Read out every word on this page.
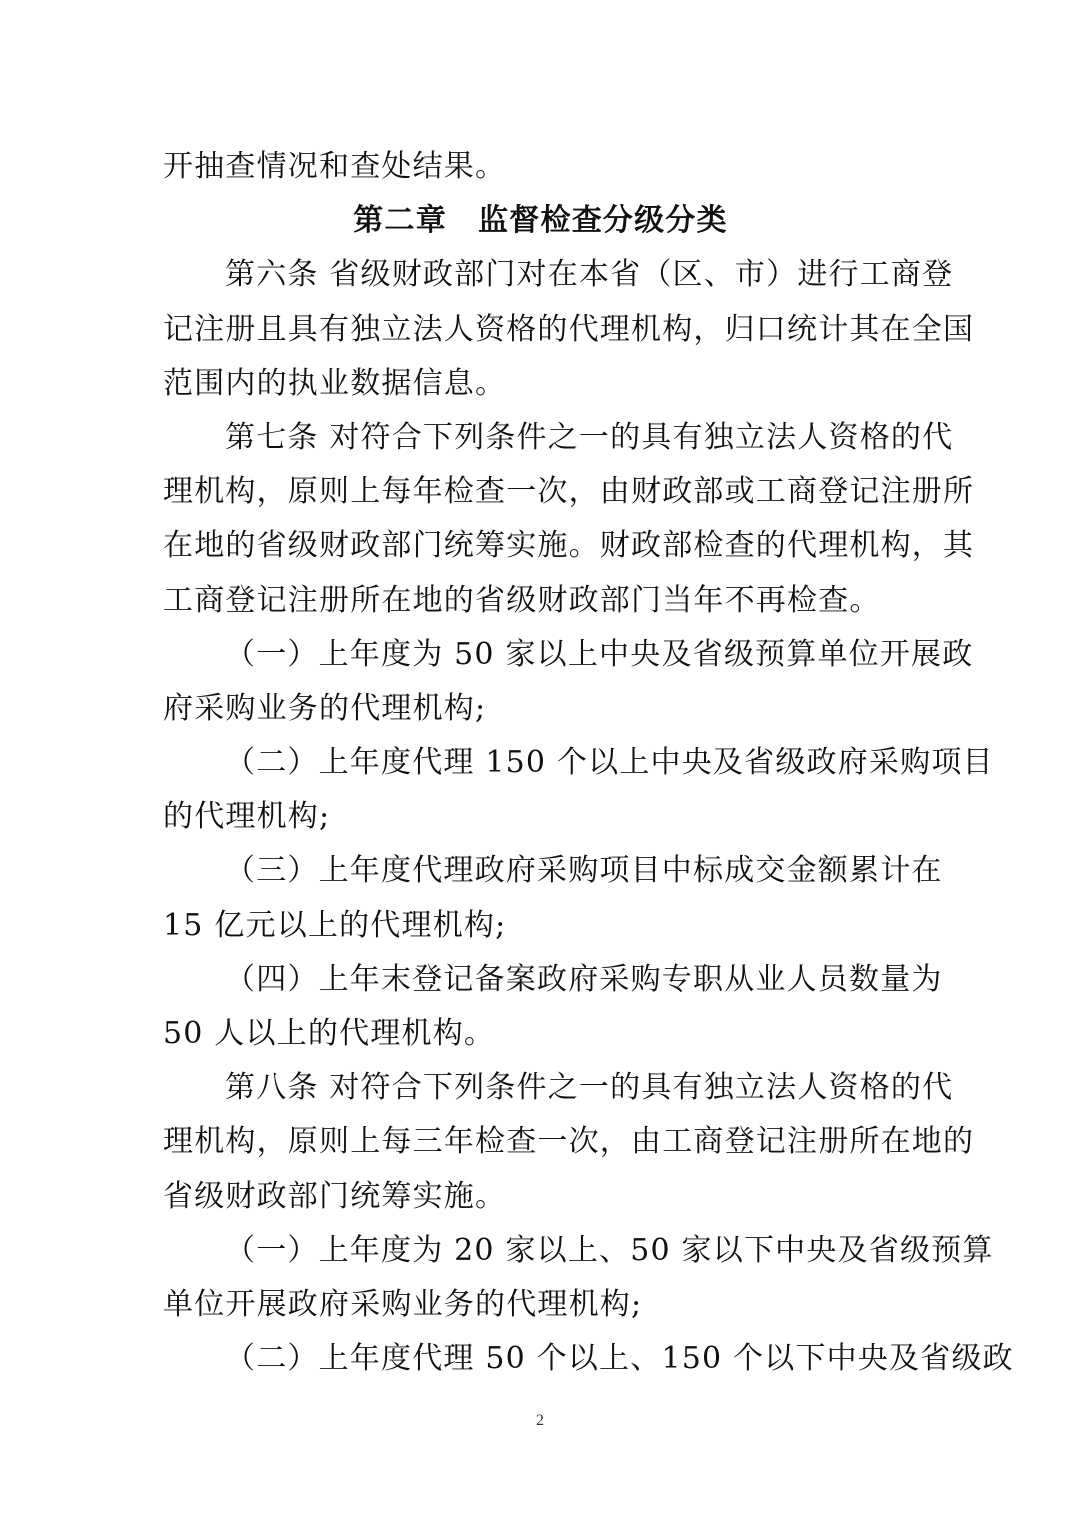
开抽查情况和查处结果。
第二章　监督检查分级分类
第六条 省级财政部门对在本省（区、市）进行工商登
记注册且具有独立法人资格的代理机构，归口统计其在全国
范围内的执业数据信息。
第七条 对符合下列条件之一的具有独立法人资格的代
理机构，原则上每年检查一次，由财政部或工商登记注册所
在地的省级财政部门统筹实施。财政部检查的代理机构，其
工商登记注册所在地的省级财政部门当年不再检查。
（一）上年度为 50 家以上中央及省级预算单位开展政
府采购业务的代理机构;
（二）上年度代理 150 个以上中央及省级政府采购项目
的代理机构;
（三）上年度代理政府采购项目中标成交金额累计在
15 亿元以上的代理机构;
（四）上年末登记备案政府采购专职从业人员数量为
50 人以上的代理机构。
第八条 对符合下列条件之一的具有独立法人资格的代
理机构，原则上每三年检查一次，由工商登记注册所在地的
省级财政部门统筹实施。
（一）上年度为 20 家以上、50 家以下中央及省级预算
单位开展政府采购业务的代理机构;
（二）上年度代理 50 个以上、150 个以下中央及省级政
2
